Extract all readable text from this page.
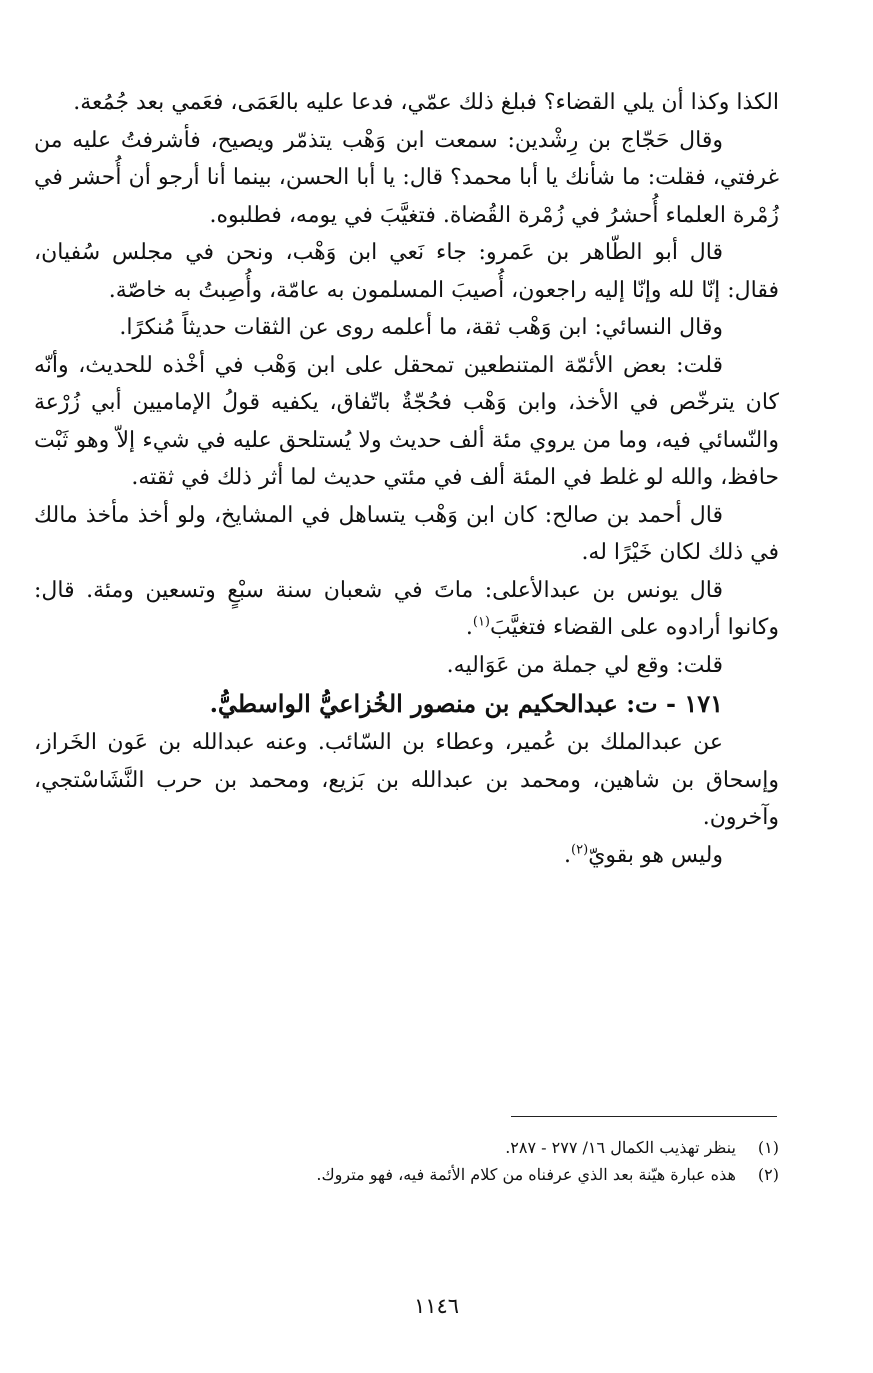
الكذا وكذا أن يلي القضاء؟ فبلغ ذلك عمّي، فدعا عليه بالعَمَى، فعَمي بعد جُمُعة.

وقال حَجّاج بن رِشْدين: سمعت ابن وَهْب يتذمّر ويصيح، فأشرفتُ عليه من غرفتي، فقلت: ما شأنك يا أبا محمد؟ قال: يا أبا الحسن، بينما أنا أرجو أن أُحشر في زُمْرة العلماء أُحشرُ في زُمْرة القُضاة. فتغيَّبَ في يومه، فطلبوه.

قال أبو الطّاهر بن عَمرو: جاء نَعي ابن وَهْب، ونحن في مجلس سُفيان، فقال: إنّا لله وإنّا إليه راجعون، أُصيبَ المسلمون به عامّة، وأُصِبتُ به خاصّة.

وقال النسائي: ابن وَهْب ثقة، ما أعلمه روى عن الثقات حديثاً مُنكرًا.

قلت: بعض الأئمّة المتنطعين تمحقل على ابن وَهْب في أخْذه للحديث، وأنّه كان يترخّص في الأخذ، وابن وَهْب فحُجّةٌ باتّفاق، يكفيه قولُ الإماميين أبي زُرْعة والنّسائي فيه، وما من يروي مئة ألف حديث ولا يُستلحق عليه في شيء إلاّ وهو ثَبْت حافظ، والله لو غلط في المئة ألف في مئتي حديث لما أثر ذلك في ثقته.

قال أحمد بن صالح: كان ابن وَهْب يتساهل في المشايخ، ولو أخذ مأخذ مالك في ذلك لكان خَيْرًا له.

قال يونس بن عبدالأعلى: ماتَ في شعبان سنة سبْعٍ وتسعين ومئة. قال: وكانوا أرادوه على القضاء فتغيَّبَ$^{(١)}$.

قلت: وقع لي جملة من عَوَاليه.

١٧١ - ت: عبدالحكيم بن منصور الخُزاعيُّ الواسطيُّ.

عن عبدالملك بن عُمير، وعطاء بن السّائب. وعنه عبدالله بن عَون الخَراز، وإسحاق بن شاهين، ومحمد بن عبدالله بن بَزيع، ومحمد بن حرب النَّشَاسْتجي، وآخرون.

وليس هو بقويّ$^{(٢)}$.

(١) ينظر تهذيب الكمال ١٦/ ٢٧٧ - ٢٨٧.

(٢) هذه عبارة هيّنة بعد الذي عرفناه من كلام الأئمة فيه، فهو متروك.

١١٤٦
